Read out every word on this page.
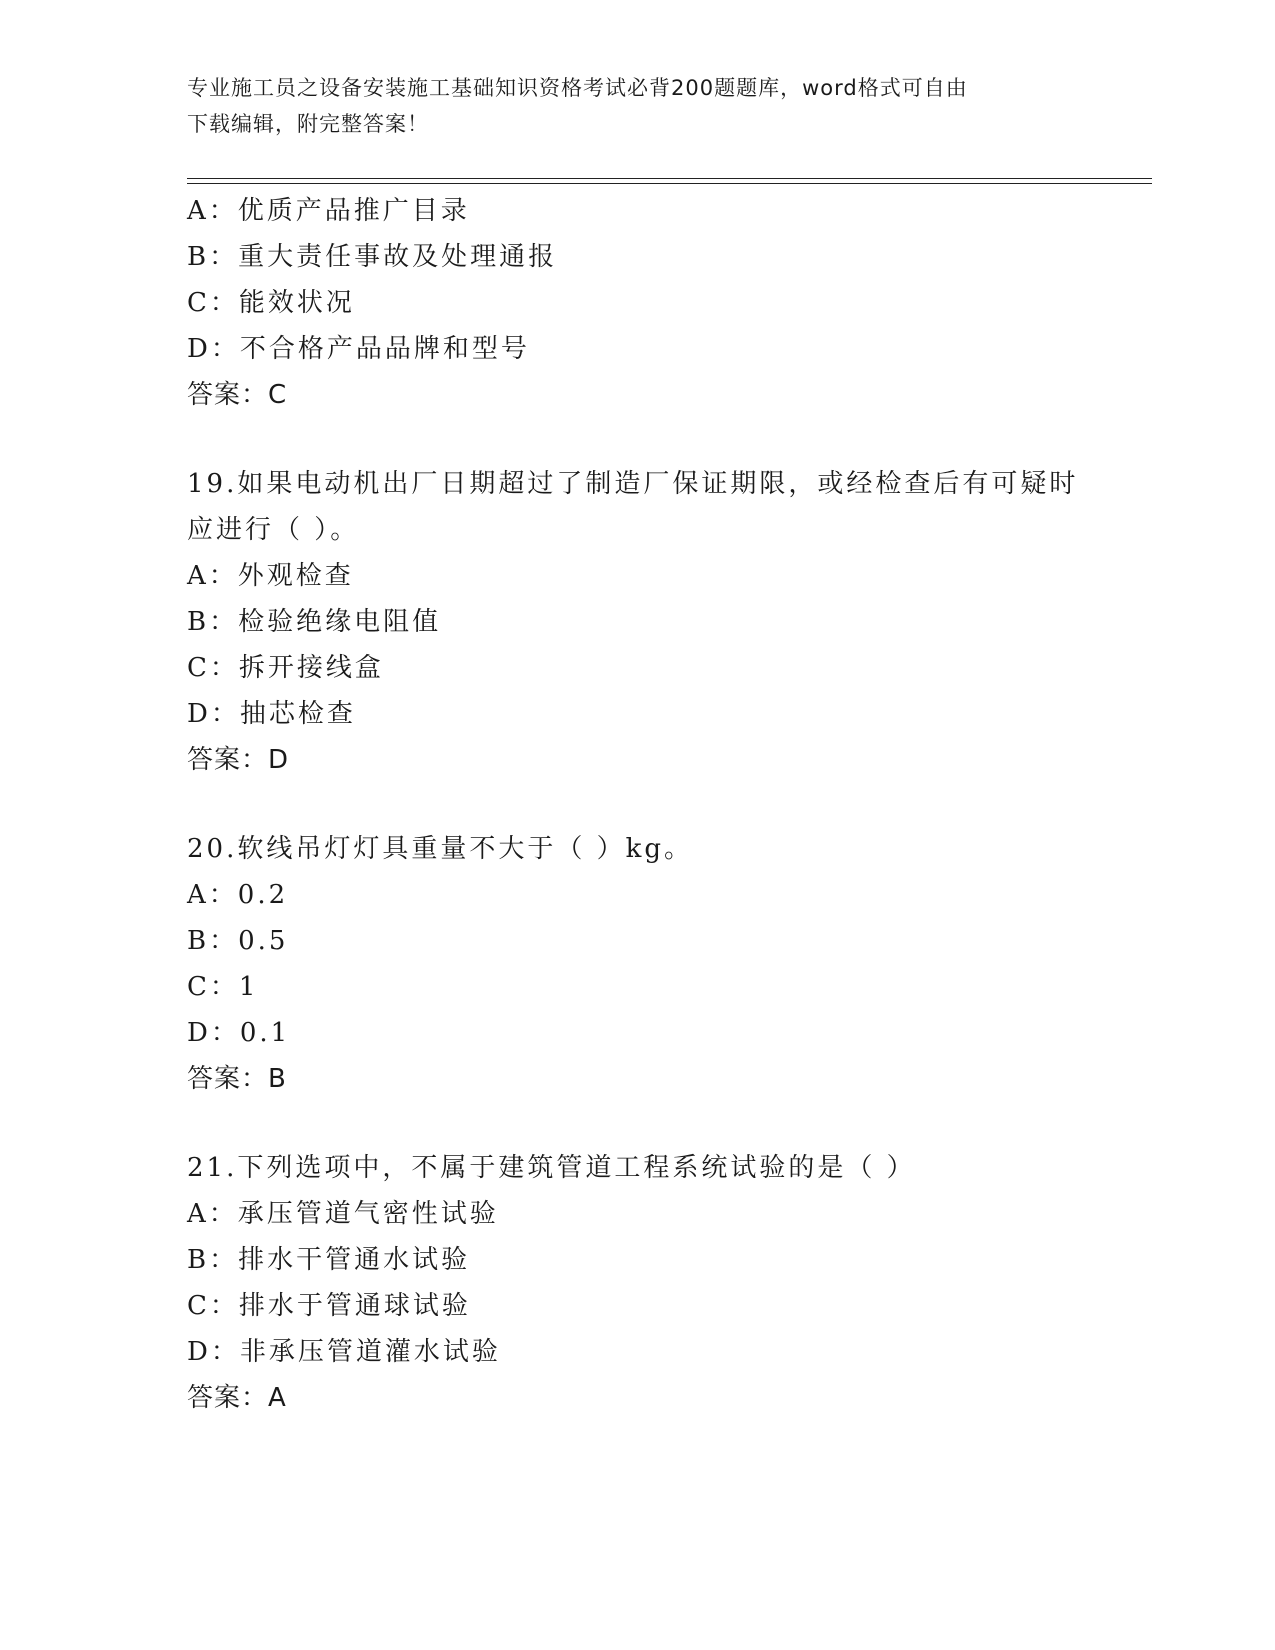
专业施工员之设备安装施工基础知识资格考试必背200题题库，word格式可自由
下载编辑，附完整答案！
A：优质产品推广目录
B：重大责任事故及处理通报
C：能效状况
D：不合格产品品牌和型号
答案：C
19.如果电动机出厂日期超过了制造厂保证期限，或经检查后有可疑时
应进行（ ）。
A：外观检查
B：检验绝缘电阻值
C：拆开接线盒
D：抽芯检查
答案：D
20.软线吊灯灯具重量不大于（ ）kg。
A：0.2
B：0.5
C：1
D：0.1
答案：B
21.下列选项中，不属于建筑管道工程系统试验的是（ ）
A：承压管道气密性试验
B：排水干管通水试验
C：排水于管通球试验
D：非承压管道灌水试验
答案：A
